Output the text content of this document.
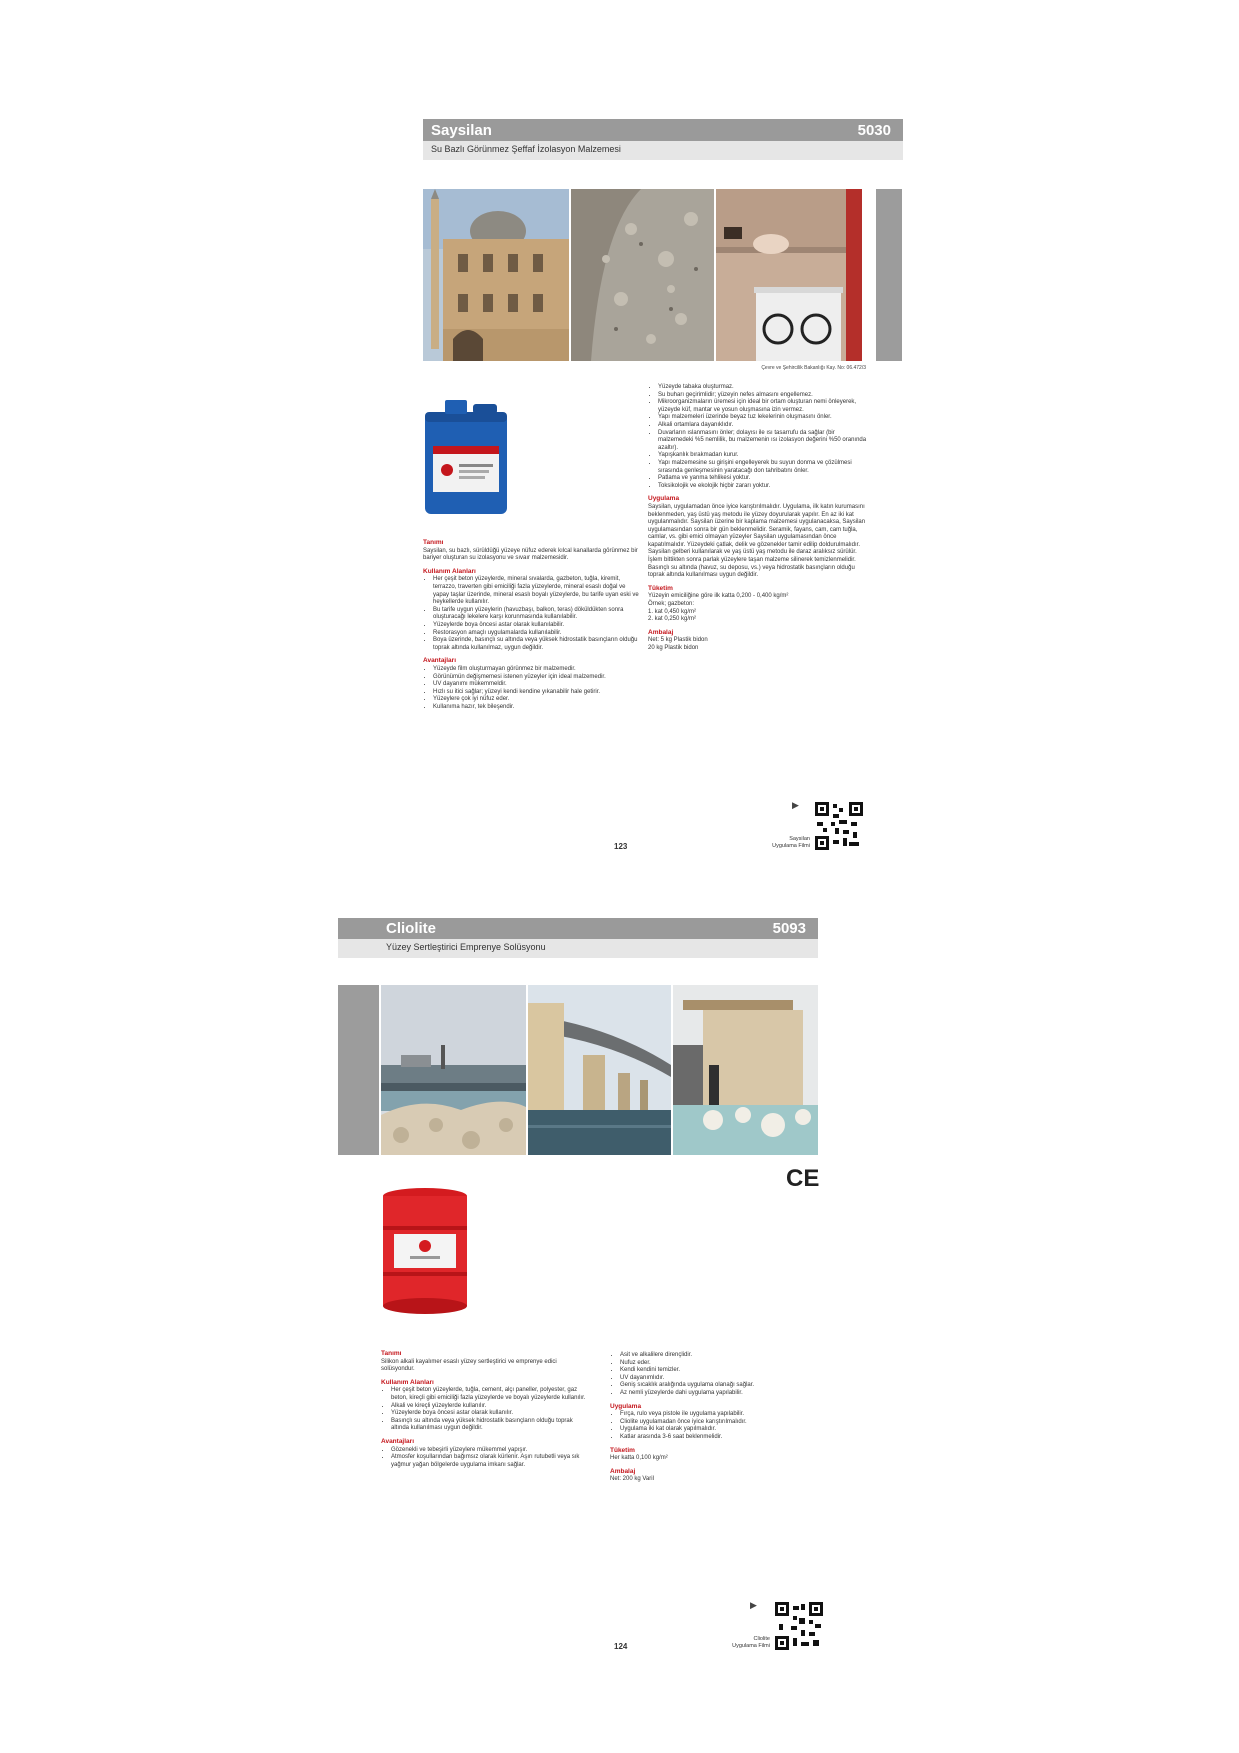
Saysilan	5030
Su Bazlı Görünmez Şeffaf İzolasyon Malzemesi
Çevre ve Şehircilik Bakanlığı Kay. No: 06.472/3
Tanımı
Saysilan, su bazlı, sürüldüğü yüzeye nüfuz ederek kılcal kanallarda görünmez bir bariyer oluşturan su izolasyonu ve sıvaır malzemesidir.
Kullanım Alanları
• Her çeşit beton yüzeylerde, mineral sıvalarda, gazbeton, tuğla, kiremit, terrazzo, traverten gibi emiciliği fazla yüzeylerde, mineral esaslı doğal ve yapay taşlar üzerinde, mineral esaslı boyalı yüzeylerde, bu tarife uyan eski ve heykellerde kullanılır.
• Bu tarife uygun yüzeylerin (havuzbaşı, balkon, teras) döküldükten sonra oluşturacağı lekelere karşı korunmasında kullanılabilir.
• Yüzeylerde boya öncesi astar olarak kullanılabilir.
• Restorasyon amaçlı uygulamalarda kullanılabilir.
• Boya üzerinde, basınçlı su altında veya yüksek hidrostatik basınçların olduğu toprak altında kullanılmaz, uygun değildir.
Avantajları
• Yüzeyde film oluşturmayan görünmez bir malzemedir.
• Görünümün değişmemesi istenen yüzeyler için ideal malzemedir.
• UV dayanımı mükemmeldir.
• Hızlı su itici sağlar; yüzeyi kendi kendine yıkanabilir hale getirir.
• Yüzeylere çok iyi nüfuz eder.
• Kullanıma hazır, tek bileşendir.
• Yüzeyde tabaka oluşturmaz.
• Su buharı geçirimlidir; yüzeyin nefes almasını engellemez.
• Mikroorganizmaların üremesi için ideal bir ortam oluşturan nemi önleyerek, yüzeyde küf, mantar ve yosun oluşmasına izin vermez.
• Yapı malzemeleri üzerinde beyaz tuz lekelerinin oluşmasını önler.
• Alkali ortamlara dayanıklıdır.
• Duvarların ıslanmasını önler; dolayısı ile ısı tasarrufu da sağlar (bir malzemedeki %5 nemlilik, bu malzemenin ısı izolasyon değerini %50 oranında azaltır).
• Yapışkanlık bırakmadan kurur.
• Yapı malzemesine su girişini engelleyerek bu suyun donma ve çözülmesi sırasında genleşmesinin yaratacağı don tahribatını önler.
• Patlama ve yanma tehlikesi yoktur.
• Toksikolojik ve ekolojik hiçbir zararı yoktur.
Uygulama
Saysilan, uygulamadan önce iyice karıştırılmalıdır. Uygulama, ilk katın kurumasını beklenmeden, yaş üstü yaş metodu ile yüzey doyurularak yapılır. En az iki kat uygulanmalıdır. Saysilan üzerine bir kaplama malzemesi uygulanacaksa, Saysilan uygulamasından sonra bir gün beklenmelidir. Seramik, fayans, cam, cam tuğla, camlar, vs. gibi emici olmayan yüzeyler Saysilan uygulamasından önce kapatılmalıdır. Yüzeydeki çatlak, delik ve gözenekler tamir edilip doldurulmalıdır. Saysilan gelberi kullanılarak ve yaş üstü yaş metodu ile daraz aralıksız sürülür. İşlem bittikten sonra parlak yüzeylere taşan malzeme silinerek temizlenmelidir. Basınçlı su altında (havuz, su deposu, vs.) veya hidrostatik basınçların olduğu toprak altında kullanılması uygun değildir.
Tüketim
Yüzeyin emiciliğine göre ilk katta 0,200 - 0,400 kg/m²
Örnek; gazbeton:
1. kat 0,450 kg/m²
2. kat 0,250 kg/m²
Ambalaj
Net: 5 kg Plastik bidon
20 kg Plastik bidon
▶
Saysilan
Uygulama Filmi
123
Cliolite	5093
Yüzey Sertleştirici Emprenye Solüsyonu
CE
Tanımı
Silikon alkali kayalımer esaslı yüzey sertleştirici ve emprenye edici solüsyondur.
Kullanım Alanları
• Her çeşit beton yüzeylerde, tuğla, cement, alçı paneller, polyester, gaz beton, kireçli gibi emiciliği fazla yüzeylerde ve boyalı yüzeylerde kullanılır.
• Alkali ve kireçli yüzeylerde kullanılır.
• Yüzeylerde boya öncesi astar olarak kullanılır.
• Basınçlı su altında veya yüksek hidrostatik basınçların olduğu toprak altında kullanılması uygun değildir.
Avantajları
• Gözenekli ve tebeşirli yüzeylere mükemmel yapışır.
• Atmosfer koşullarından bağımsız olarak kürlenir. Aşırı rutubetli veya sık yağmur yağan bölgelerde uygulama imkanı sağlar.
• Asit ve alkalilere dirençlidir.
• Nufuz eder.
• Kendi kendini temizler.
• UV dayanımlıdır.
• Geniş sıcaklık aralığında uygulama olanağı sağlar.
• Az nemli yüzeylerde dahi uygulama yapılabilir.
Uygulama
• Fırça, rulo veya pistole ile uygulama yapılabilir.
• Cliolite uygulamadan önce iyice karıştırılmalıdır.
• Uygulama iki kat olarak yapılmalıdır.
• Katlar arasında 3-6 saat beklenmelidir.
Tüketim
Her katta 0,100 kg/m²
Ambalaj
Net: 200 kg Varil
▶
Cliolite
Uygulama Filmi
124
